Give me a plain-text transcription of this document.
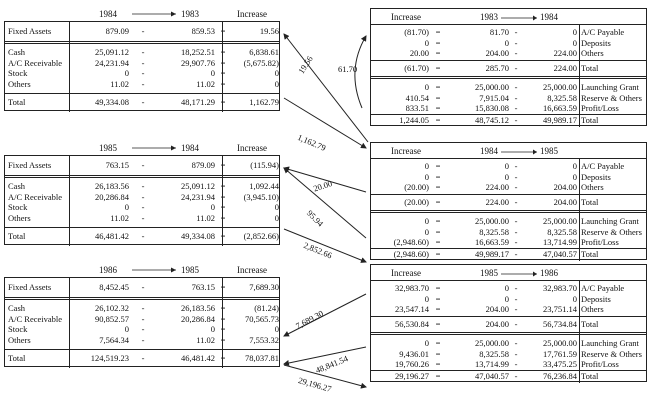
1984	1983	Increase
Fixed Assets	879.09	-	859.53 =	19.56
Cash	25,091.12	-	18,252.51 =	6,838.61
A/C Receivable	24,231.94	-	29,907.76 =	(5,675.82)
Stock	0	-	0 =	0
Others	11.02	-	11.02 =	0
Total	49,334.08	-	48,171.29 =	1,162.79
Increase	1983	1984
(81.70) =	81.70 -	0 A/C Payable
0 =	0 -	0 Deposits
20.00 =	204.00 -	224.00 Others
(61.70) =	285.70 -	224.00 Total
0 =	25,000.00 -	25,000.00 Launching Grant
410.54 =	7,915.04 -	8,325.58 Reserve & Others
833.51 =	15,830.08 -	16,663.59 Profit/Loss
1,244.05 =	48,745.12 -	49,989.17 Total
1985	1984	Increase
Fixed Assets	763.15	-	879.09 =	(115.94)
Cash	26,183.56	-	25,091.12 =	1,092.44
A/C Receivable	20,286.84	-	24,231.94 =	(3,945.10)
Stock	0	-	0 =	0
Others	11.02	-	11.02 =	0
Total	46,481.42	-	49,334.08 =	(2,852.66)
Increase	1984	1985
0 =	0 -	0 A/C Payable
0 =	0 -	0 Deposits
(20.00) =	224.00 -	204.00 Others
(20.00) =	224.00 -	204.00 Total
0 =	25,000.00 -	25,000.00 Launching Grant
0 =	8,325.58 -	8,325.58 Reserve & Others
(2,948.60) =	16,663.59 -	13,714.99 Profit/Loss
(2,948.60) =	49,989.17 -	47,040.57 Total
1986	1985	Increase
Fixed Assets	8,452.45	-	763.15 =	7,689.30
Cash	26,102.32	-	26,183.56 =	(81.24)
A/C Receivable	90,852.57	-	20,286.84 =	70,565.73
Stock	0	-	0 =	0
Others	7,564.34	-	11.02 =	7,553.32
Total	124,519.23	-	46,481.42 =	78,037.81
Increase	1985	1986
32,983.70 =	0 -	32,983.70 A/C Payable
0 =	0 -	0 Deposits
23,547.14 =	204.00 -	23,751.14 Others
56,530.84 =	204.00 -	56,734.84 Total
0 =	25,000.00 -	25,000.00 Launching Grant
9,436.01 =	8,325.58 -	17,761.59 Reserve & Others
19,760.26 =	13,714.99 -	33,475.25 Profit/Loss
29,196.27 =	47,040.57 -	76,236.84 Total
19.56	61.70
1,162.79
20.00
95.94
2,852.66
7,689.30
48,841.54
29,196.27
